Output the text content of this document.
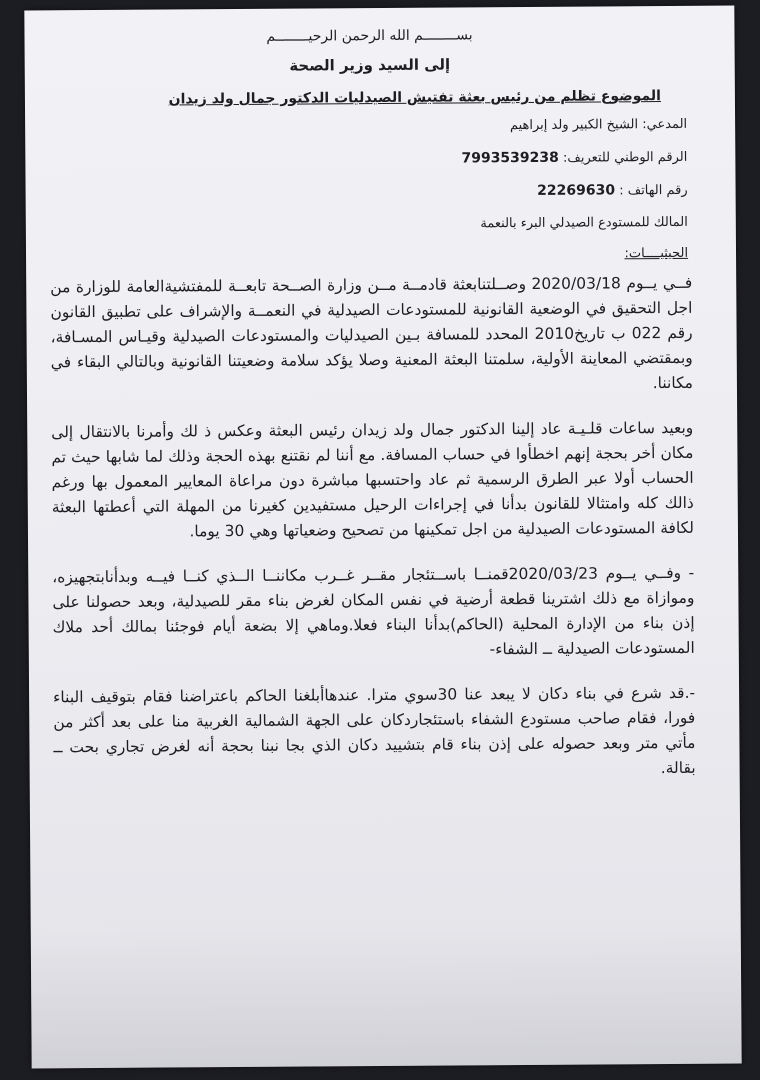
بســــــــم الله الرحمن الرحيــــــــم
إلى السيد وزير الصحة
الموضوع تظلم من رئيس بعثة تفتيش الصيدليات الدكتور جمال ولد زيدان
المدعي: الشيخ الكبير ولد إبراهيم
الرقم الوطني للتعريف: 7993539238
رقم الهاتف : 22269630
المالك للمستودع الصيدلي البرء بالنعمة
الحيثيــــات:

فــي يــوم 2020/03/18 وصــلتنابعثة قادمــة مــن وزارة الصــحة تابعــة للمفتشيةالعامة للوزارة من اجل التحقيق في الوضعية القانونية للمستودعات الصيدلية في النعمــة والإشراف على تطبيق القانون رقم 022 ب تاريخ2010 المحدد للمسافة بـين الصيدليات والمستودعات الصيدلية وقيـاس المسـافة، وبمقتضي المعاينة الأولية، سلمتنا البعثة المعنية وصلا يؤكد سلامة وضعيتنا القانونية وبالتالي البقاء في مكاننا.

وبعيد ساعات قلـيـة عاد إلينا الدكتور جمال ولد زيدان رئيس البعثة وعكس ذ لك وأمرنا بالانتقال إلى مكان أخر بحجة إنهم اخطأوا في حساب المسافة. مع أننا لم نقتنع بهذه الحجة وذلك لما شابها حيث تم الحساب أولا عبر الطرق الرسمية ثم عاد واحتسبها مباشرة دون مراعاة المعايير المعمول بها ورغم ذالك كله وامتثالا للقانون بدأنا في إجراءات الرحيل مستفيدين كغيرنا من المهلة التي أعطتها البعثة لكافة المستودعات الصيدلية من اجل تمكينها من تصحيح وضعياتها وهي 30 يوما.

- وفــي يــوم 2020/03/23قمنــا باســتئجار مقــر غــرب مكاننــا الــذي كنــا فيــه وبدأنابتجهيزه، وموازاة مع ذلك اشترينا قطعة أرضية في نفس المكان لغرض بناء مقر للصيدلية، وبعد حصولنا على إذن بناء من الإدارة المحلية (الحاكم)بدأنا البناء فعلا.وماهي إلا بضعة أيام فوجئنا بمالك أحد ملاك المستودعات الصيدلية ــ الشفاء-

-.قد شرع في بناء دكان لا يبعد عنا 30سوي مترا. عندهاأبلغنا الحاكم باعتراضنا فقام بتوقيف البناء فورا، فقام صاحب مستودع الشفاء باستئجاردكان على الجهة الشمالية الغربية منا على بعد أكثر من مأتي متر وبعد حصوله على إذن بناء قام بتشييد دكان الذي بجا نبنا بحجة أنه لغرض تجاري بحت ــ بقالة.
